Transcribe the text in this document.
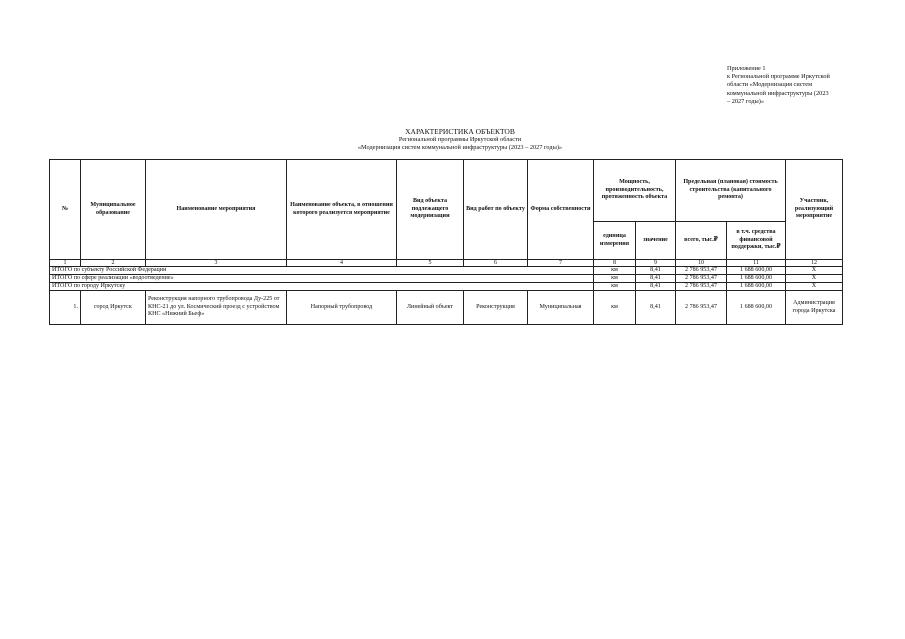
Приложение 1
к Региональной программе Иркутской
области «Модернизация систем
коммунальной инфраструктуры (2023
– 2027 годы)»
ХАРАКТЕРИСТИКА ОБЪЕКТОВ
Региональной программы Иркутской области
«Модернизация систем коммунальной инфраструктуры (2023 – 2027 годы)»
№	Муниципальное образование	Наименование мероприятия	Наименование объекта, в отношении которого реализуется мероприятие	Вид объекта подлежащего модернизации	Вид работ по объекту	Форма собственности	Мощность, производительность, протяженность объекта		Предельная (плановая) стоимость строительства (капитального ремонта)		Участник, реализующий мероприятие
							единица измерения	значение	всего, тыс.₽	в т.ч. средства финансовой поддержки, тыс.₽	
1	2	3	4	5	6	7	8	9	10	11	12
ИТОГО по субъекту Российской Федерации							км	8,41	2 786 953,47	1 688 600,00	X
ИТОГО по сфере реализации «водоотведение»							км	8,41	2 786 953,47	1 688 600,00	X
ИТОГО по городу Иркутску							км	8,41	2 786 953,47	1 688 600,00	X
1.	город Иркутск	Реконструкция напорного трубопровода Ду-225 от КНС-21 до ул. Космический проезд с устройством КНС «Нижний Бьеф»	Напорный трубопровод	Линейный объект	Реконструкция	Муниципальная	км	8,41	2 786 953,47	1 688 600,00	Администрация города Иркутска
